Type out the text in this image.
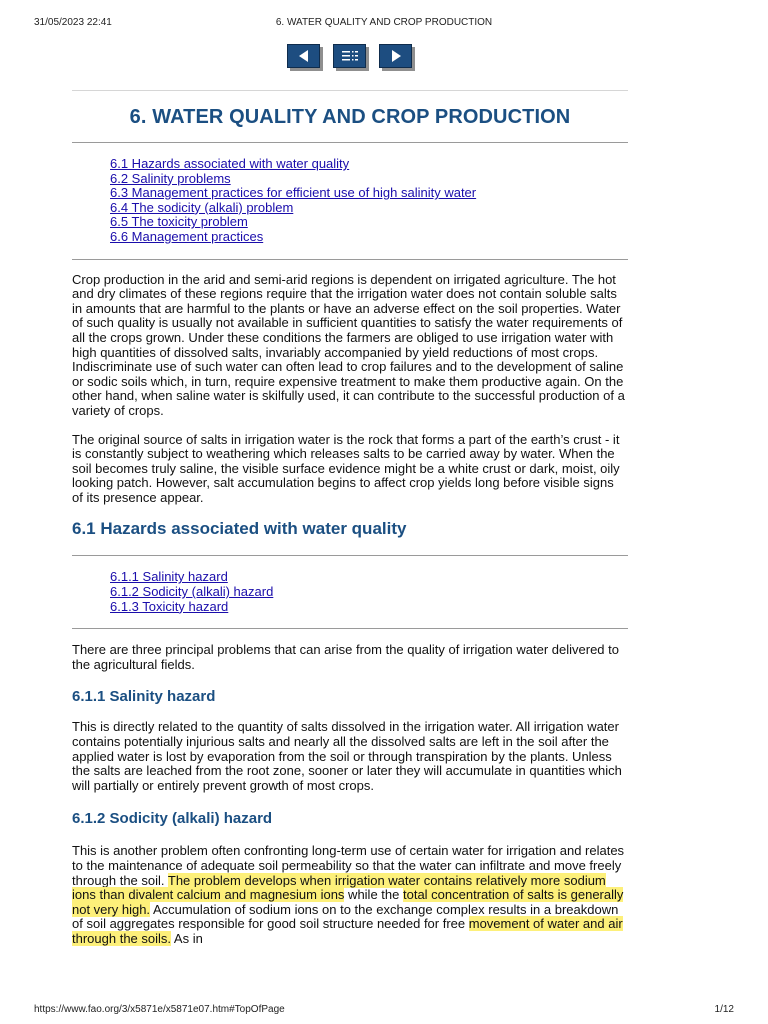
31/05/2023 22:41	6. WATER QUALITY AND CROP PRODUCTION
6. WATER QUALITY AND CROP PRODUCTION
6.1 Hazards associated with water quality
6.2 Salinity problems
6.3 Management practices for efficient use of high salinity water
6.4 The sodicity (alkali) problem
6.5 The toxicity problem
6.6 Management practices

Crop production in the arid and semi-arid regions is dependent on irrigated agriculture. The hot and dry climates of these regions require that the irrigation water does not contain soluble salts in amounts that are harmful to the plants or have an adverse effect on the soil properties. Water of such quality is usually not available in sufficient quantities to satisfy the water requirements of all the crops grown. Under these conditions the farmers are obliged to use irrigation water with high quantities of dissolved salts, invariably accompanied by yield reductions of most crops. Indiscriminate use of such water can often lead to crop failures and to the development of saline or sodic soils which, in turn, require expensive treatment to make them productive again. On the other hand, when saline water is skilfully used, it can contribute to the successful production of a variety of crops.

The original source of salts in irrigation water is the rock that forms a part of the earth’s crust - it is constantly subject to weathering which releases salts to be carried away by water. When the soil becomes truly saline, the visible surface evidence might be a white crust or dark, moist, oily looking patch. However, salt accumulation begins to affect crop yields long before visible signs of its presence appear.

6.1 Hazards associated with water quality
6.1.1 Salinity hazard
6.1.2 Sodicity (alkali) hazard
6.1.3 Toxicity hazard

There are three principal problems that can arise from the quality of irrigation water delivered to the agricultural fields.

6.1.1 Salinity hazard

This is directly related to the quantity of salts dissolved in the irrigation water. All irrigation water contains potentially injurious salts and nearly all the dissolved salts are left in the soil after the applied water is lost by evaporation from the soil or through transpiration by the plants. Unless the salts are leached from the root zone, sooner or later they will accumulate in quantities which will partially or entirely prevent growth of most crops.

6.1.2 Sodicity (alkali) hazard

This is another problem often confronting long-term use of certain water for irrigation and relates to the maintenance of adequate soil permeability so that the water can infiltrate and move freely through the soil. The problem develops when irrigation water contains relatively more sodium ions than divalent calcium and magnesium ions while the total concentration of salts is generally not very high. Accumulation of sodium ions on to the exchange complex results in a breakdown of soil aggregates responsible for good soil structure needed for free movement of water and air through the soils. As in

https://www.fao.org/3/x5871e/x5871e07.htm#TopOfPage	1/12
